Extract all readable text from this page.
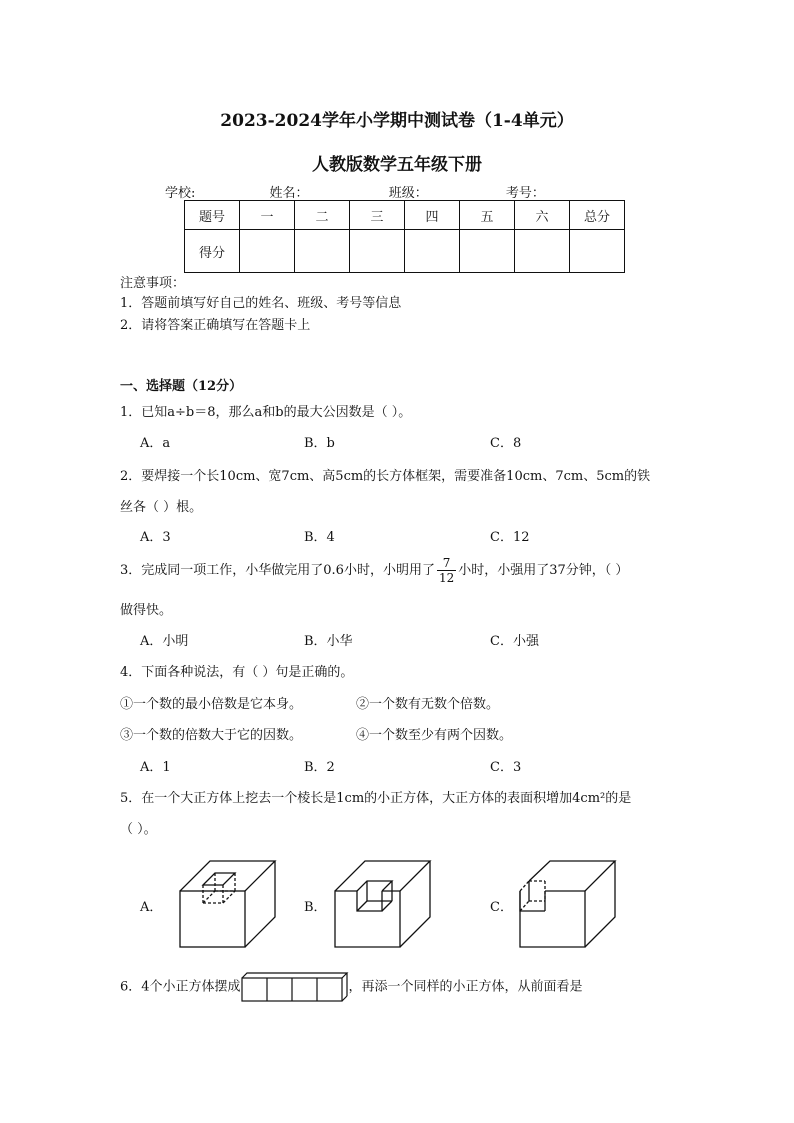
2023-2024学年小学期中测试卷（1-4单元）
人教版数学五年级下册
学校:	姓名：	班级：	考号：
题号	一	二	三	四	五	六	总分
得分							
注意事项：
1．答题前填写好自己的姓名、班级、考号等信息
2．请将答案正确填写在答题卡上
一、选择题（12分）
1．已知a÷b＝8，那么a和b的最大公因数是（ ）。
A．a	B．b	C．8
2．要焊接一个长10cm、宽7cm、高5cm的长方体框架，需要准备10cm、7cm、5cm的铁
丝各（ ）根。
A．3	B．4	C．12
3．完成同一项工作，小华做完用了0.6小时，小明用了 $\frac{7}{12}$ 小时，小强用了37分钟，（ ）
做得快。
A．小明	B．小华	C．小强
4．下面各种说法，有（ ）句是正确的。
①一个数的最小倍数是它本身。	②一个数有无数个倍数。
③一个数的倍数大于它的因数。	④一个数至少有两个因数。
A．1	B．2	C．3
5．在一个大正方体上挖去一个棱长是1cm的小正方体，大正方体的表面积增加4cm²的是
（ ）。
A．	B．	C．
6．4个小正方体摆成	，再添一个同样的小正方体，从前面看是
